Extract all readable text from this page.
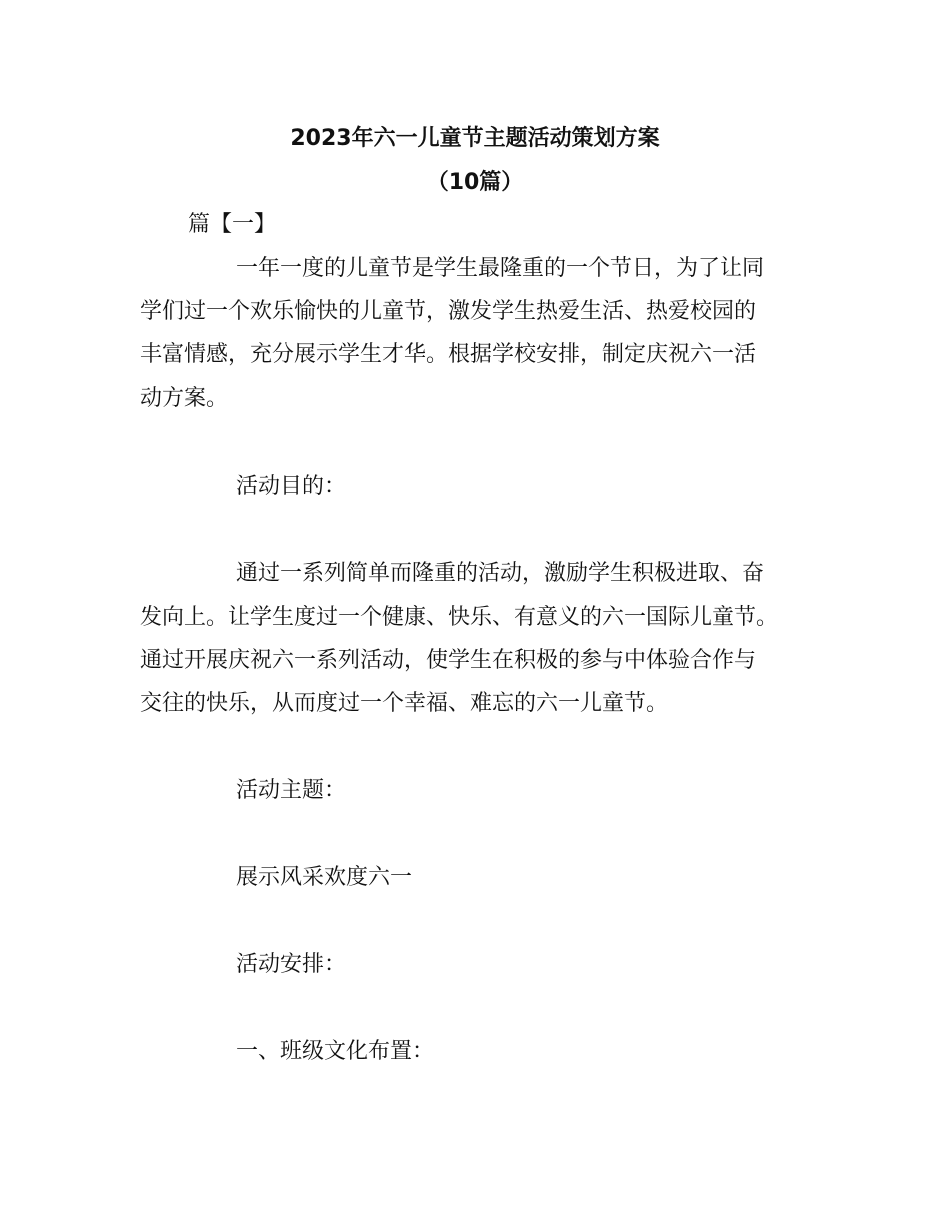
2023年六一儿童节主题活动策划方案
（10篇）
篇【一】
一年一度的儿童节是学生最隆重的一个节日，为了让同
学们过一个欢乐愉快的儿童节，激发学生热爱生活、热爱校园的
丰富情感，充分展示学生才华。根据学校安排，制定庆祝六一活
动方案。
活动目的：
通过一系列简单而隆重的活动，激励学生积极进取、奋
发向上。让学生度过一个健康、快乐、有意义的六一国际儿童节。
通过开展庆祝六一系列活动，使学生在积极的参与中体验合作与
交往的快乐，从而度过一个幸福、难忘的六一儿童节。
活动主题：
展示风采欢度六一
活动安排：
一、班级文化布置：
